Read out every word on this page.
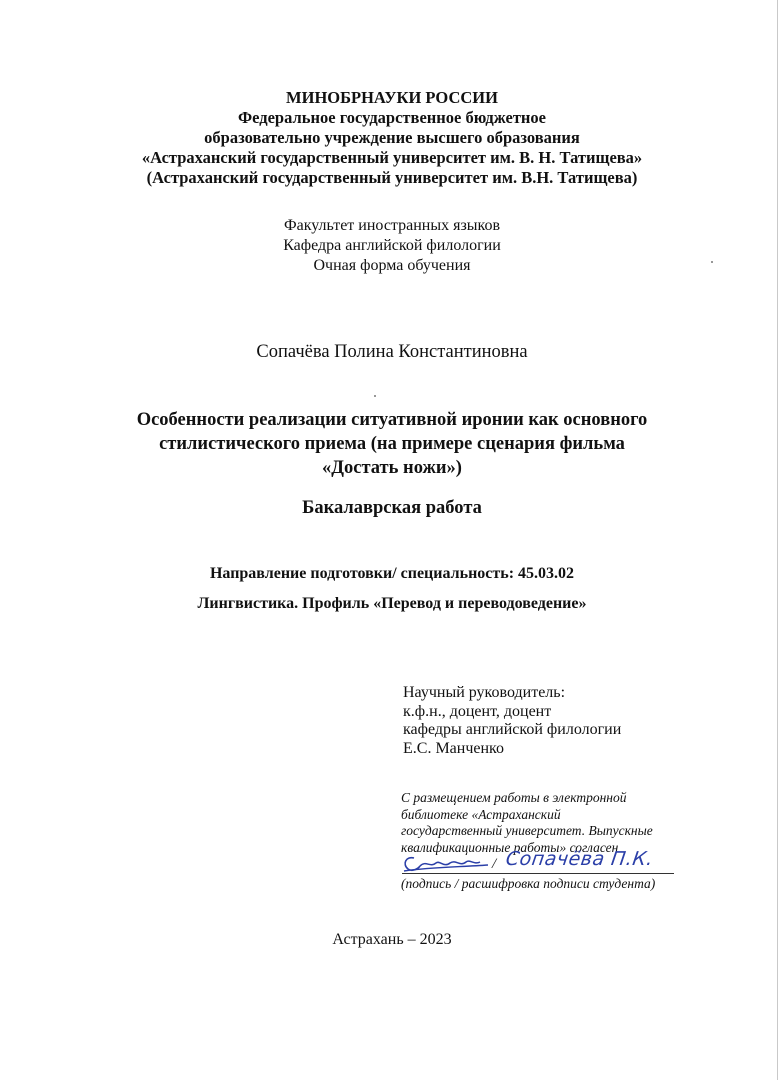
МИНОБРНАУКИ РОССИИ
Федеральное государственное бюджетное
образовательно учреждение высшего образования
«Астраханский государственный университет им. В. Н. Татищева»
(Астраханский государственный университет им. В.Н. Татищева)
Факультет иностранных языков
Кафедра английской филологии
Очная форма обучения
Сопачёва Полина Константиновна
Особенности реализации ситуативной иронии как основного
стилистического приема (на примере сценария фильма
«Достать ножи»)
Бакалаврская работа
Направление подготовки/ специальность: 45.03.02
Лингвистика. Профиль «Перевод и переводоведение»
Научный руководитель:
к.ф.н., доцент, доцент
кафедры английской филологии
Е.С. Манченко
С размещением работы в электронной
библиотеке «Астраханский
государственный университет. Выпускные
квалификационные работы» согласен
/ Сопачёва П.К.
(подпись / расшифровка подписи студента)
Астрахань – 2023
